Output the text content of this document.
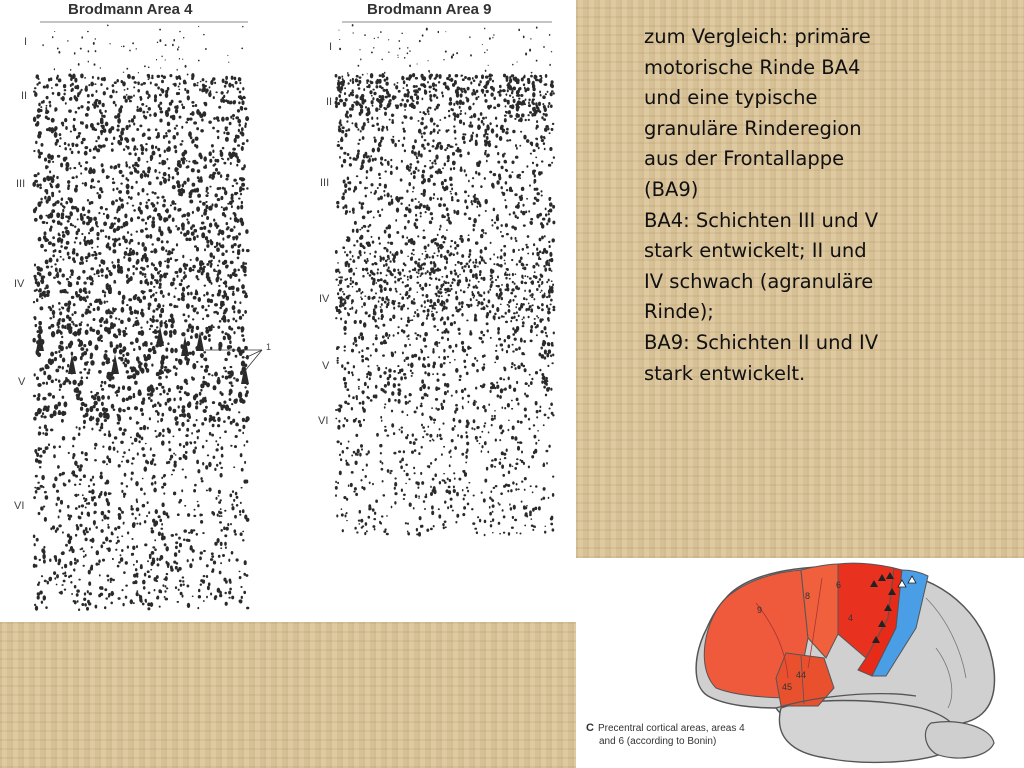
Brodmann Area 4	Brodmann Area 9
I
II
III
IV
V
VI
1
I
II
III
IV
V
VI
zum Vergleich: primäre
motorische Rinde BA4
und eine typische
granuläre Rinderegion
aus der Frontallappe
(BA9)
BA4: Schichten III und V
stark entwickelt; II und
IV schwach (agranuläre
Rinde);
BA9: Schichten II und IV
stark entwickelt.
9
8
6
4
44
45
C Precentral cortical areas, areas 4
and 6 (according to Bonin)
